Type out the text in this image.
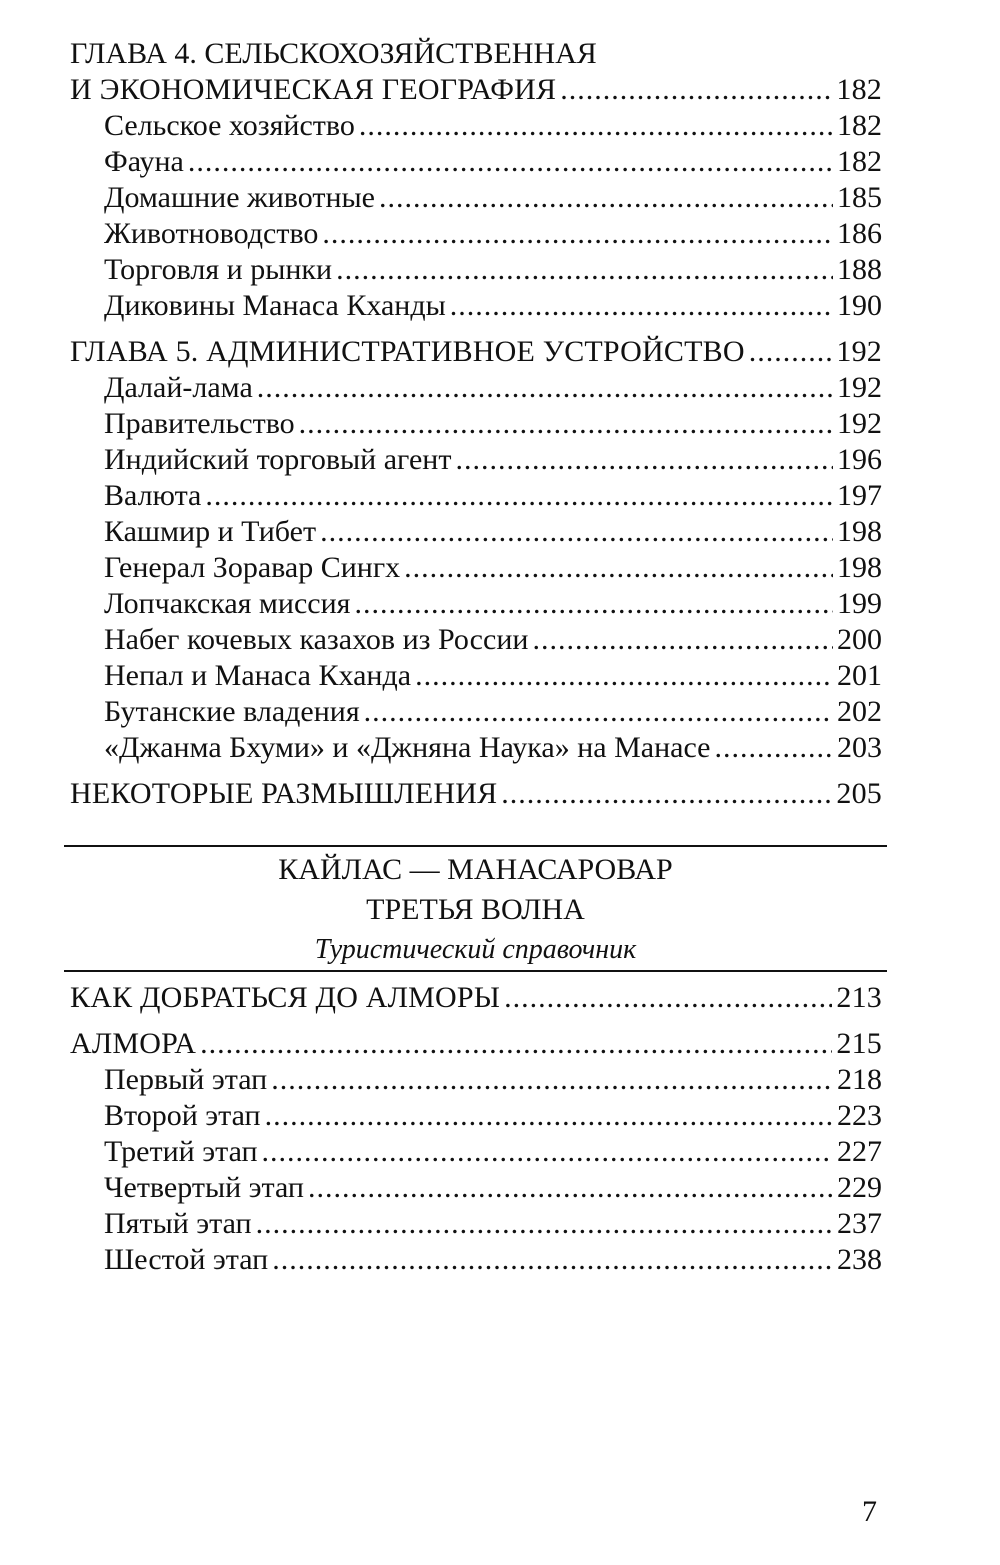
ГЛАВА 4. СЕЛЬСКОХОЗЯЙСТВЕННАЯ
И ЭКОНОМИЧЕСКАЯ ГЕОГРАФИЯ .....	182
Сельское хозяйство .....	182
Фауна .....	182
Домашние животные .....	185
Животноводство .....	186
Торговля и рынки .....	188
Диковины Манаса Кханды .....	190
ГЛАВА 5. АДМИНИСТРАТИВНОЕ УСТРОЙСТВО .....	192
Далай-лама .....	192
Правительство .....	192
Индийский торговый агент .....	196
Валюта .....	197
Кашмир и Тибет .....	198
Генерал Зоравар Сингх .....	198
Лопчакская миссия .....	199
Набег кочевых казахов из России .....	200
Непал и Манаса Кханда .....	201
Бутанские владения .....	202
«Джанма Бхуми» и «Джняна Наука» на Манасе .....	203
НЕКОТОРЫЕ РАЗМЫШЛЕНИЯ .....	205
КАЙЛАС — МАНАСАРОВАР
ТРЕТЬЯ ВОЛНА
Туристический справочник
КАК ДОБРАТЬСЯ ДО АЛМОРЫ .....	213
АЛМОРА .....	215
Первый этап .....	218
Второй этап .....	223
Третий этап .....	227
Четвертый этап .....	229
Пятый этап .....	237
Шестой этап .....	238
7
